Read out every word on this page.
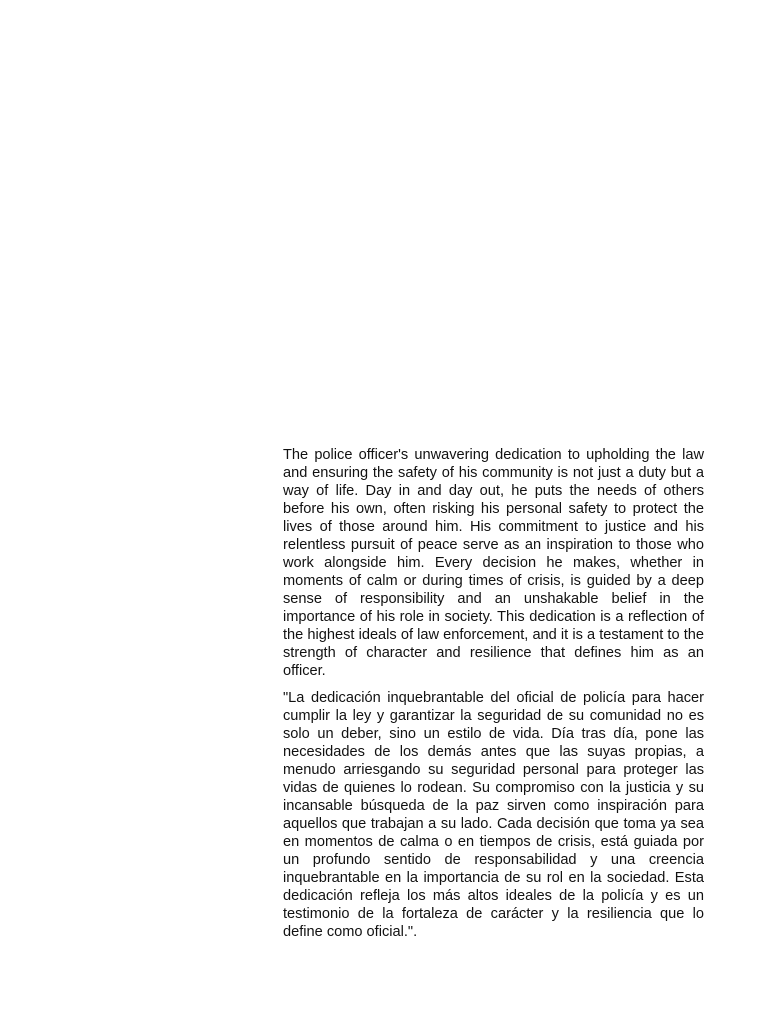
The police officer's unwavering dedication to upholding the law and ensuring the safety of his community is not just a duty but a way of life. Day in and day out, he puts the needs of others before his own, often risking his personal safety to protect the lives of those around him. His commitment to justice and his relentless pursuit of peace serve as an inspiration to those who work alongside him. Every decision he makes, whether in moments of calm or during times of crisis, is guided by a deep sense of responsibility and an unshakable belief in the importance of his role in society. This dedication is a reflection of the highest ideals of law enforcement, and it is a testament to the strength of character and resilience that defines him as an officer.

"La dedicación inquebrantable del oficial de policía para hacer cumplir la ley y garantizar la seguridad de su comunidad no es solo un deber, sino un estilo de vida. Día tras día, pone las necesidades de los demás antes que las suyas propias, a menudo arriesgando su seguridad personal para proteger las vidas de quienes lo rodean. Su compromiso con la justicia y su incansable búsqueda de la paz sirven como inspiración para aquellos que trabajan a su lado. Cada decisión que toma ya sea en momentos de calma o en tiempos de crisis, está guiada por un profundo sentido de responsabilidad y una creencia inquebrantable en la importancia de su rol en la sociedad. Esta dedicación refleja los más altos ideales de la policía y es un testimonio de la fortaleza de carácter y la resiliencia que lo define como oficial.".
